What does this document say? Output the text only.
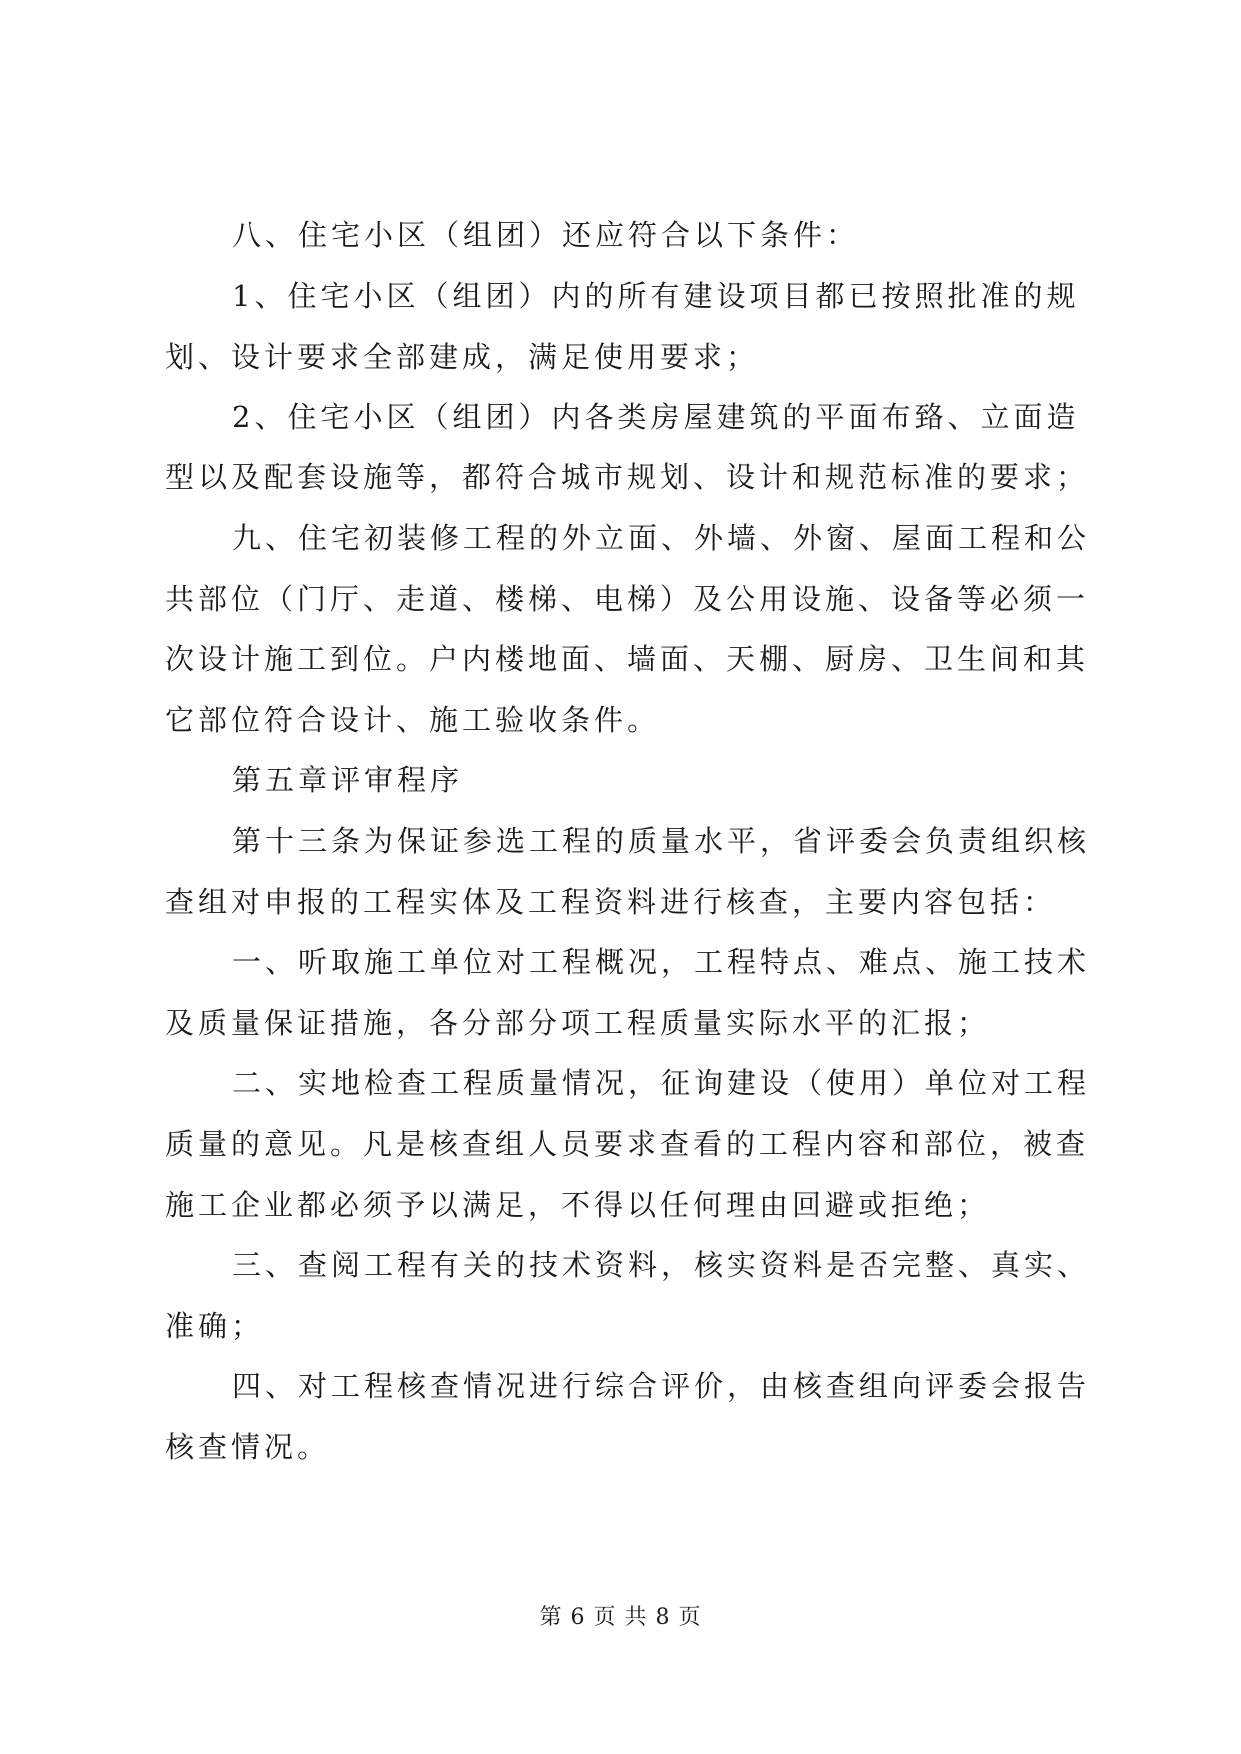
八、住宅小区（组团）还应符合以下条件：
1、住宅小区（组团）内的所有建设项目都已按照批准的规
划、设计要求全部建成，满足使用要求；
2、住宅小区（组团）内各类房屋建筑的平面布臵、立面造
型以及配套设施等，都符合城市规划、设计和规范标准的要求；
九、住宅初装修工程的外立面、外墙、外窗、屋面工程和公
共部位（门厅、走道、楼梯、电梯）及公用设施、设备等必须一
次设计施工到位。户内楼地面、墙面、天棚、厨房、卫生间和其
它部位符合设计、施工验收条件。
第五章评审程序
第十三条为保证参选工程的质量水平，省评委会负责组织核
查组对申报的工程实体及工程资料进行核查，主要内容包括：
一、听取施工单位对工程概况，工程特点、难点、施工技术
及质量保证措施，各分部分项工程质量实际水平的汇报；
二、实地检查工程质量情况，征询建设（使用）单位对工程
质量的意见。凡是核查组人员要求查看的工程内容和部位，被查
施工企业都必须予以满足，不得以任何理由回避或拒绝；
三、查阅工程有关的技术资料，核实资料是否完整、真实、
准确；
四、对工程核查情况进行综合评价，由核查组向评委会报告
核查情况。
第 6 页 共 8 页
